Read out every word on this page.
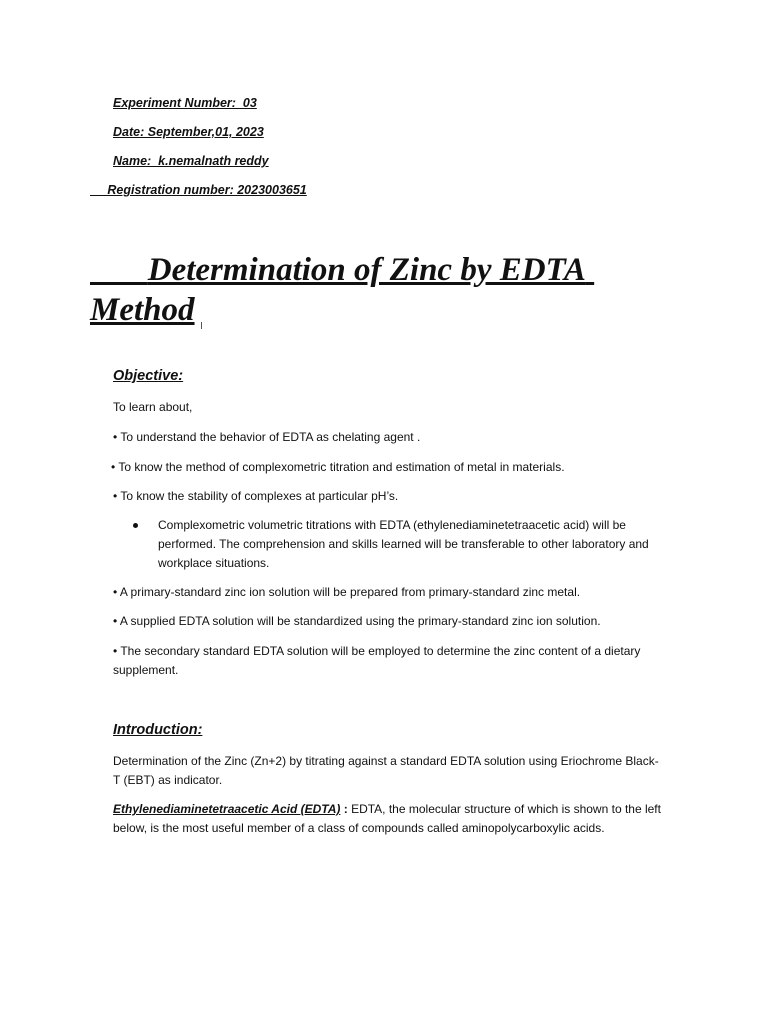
Experiment Number:  03
Date: September,01, 2023
Name:  k.nemalnath reddy
Registration number: 2023003651
Determination of Zinc by EDTA Method
Objective:
To learn about,
• To understand the behavior of EDTA as chelating agent .
• To know the method of complexometric titration and estimation of metal in materials.
• To know the stability of complexes at particular pH’s.
Complexometric volumetric titrations with EDTA (ethylenediaminetetraacetic acid) will be performed. The comprehension and skills learned will be transferable to other laboratory and workplace situations.
• A primary-standard zinc ion solution will be prepared from primary-standard zinc metal.
• A supplied EDTA solution will be standardized using the primary-standard zinc ion solution.
• The secondary standard EDTA solution will be employed to determine the zinc content of a dietary supplement.
Introduction:
Determination of the Zinc (Zn+2) by titrating against a standard EDTA solution using Eriochrome Black-T (EBT) as indicator.
Ethylenediaminetetraacetic Acid (EDTA) : EDTA, the molecular structure of which is shown to the left below, is the most useful member of a class of compounds called aminopolycarboxylic acids.
